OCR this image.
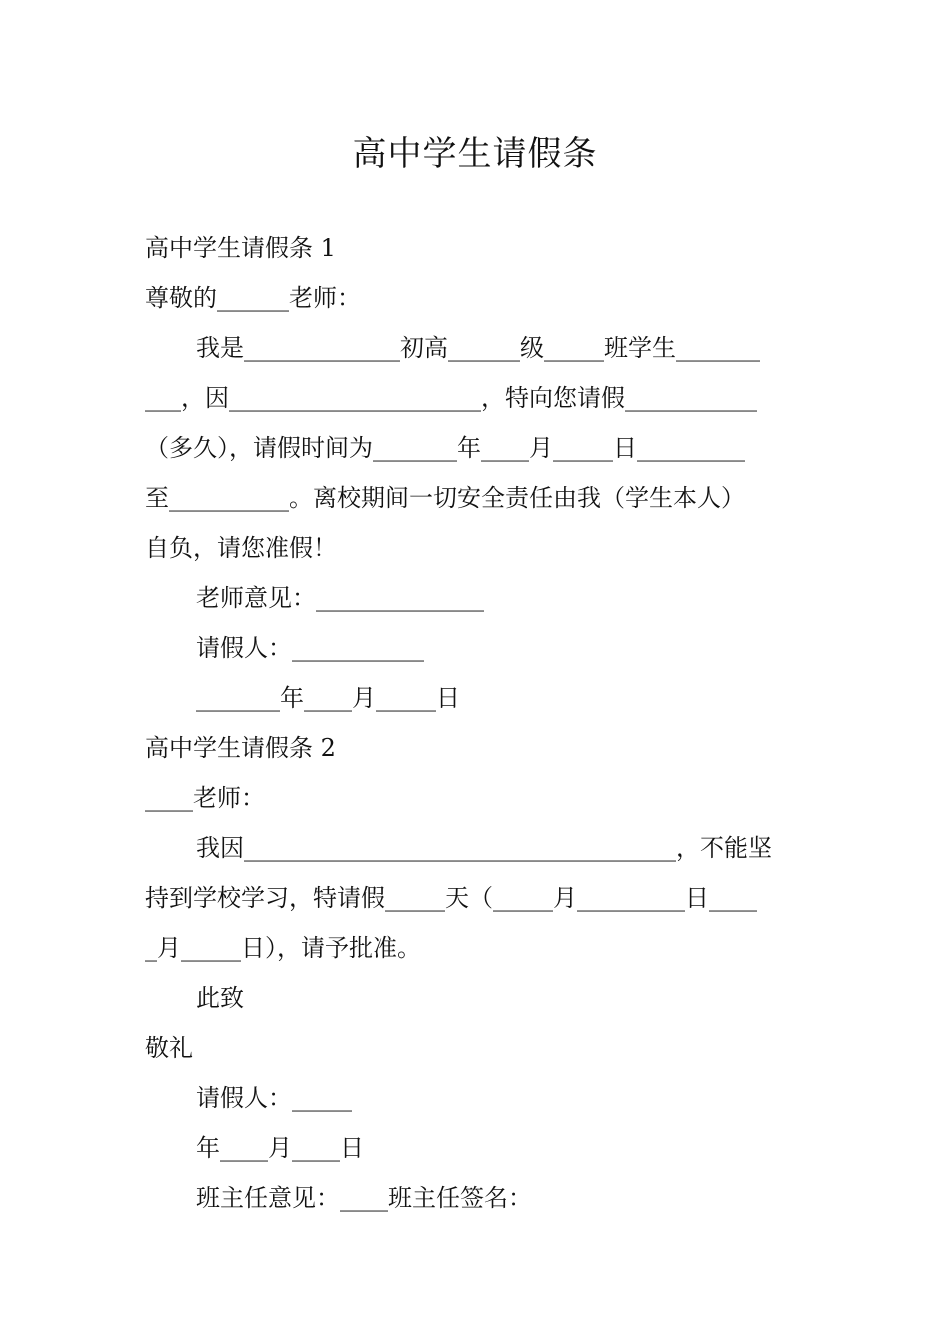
高中学生请假条

高中学生请假条 1

尊敬的______老师：

我是_____________初高______级_____班学生_______

___，因_____________________，特向您请假___________

（多久），请假时间为_______年____月_____日_________

至__________。离校期间一切安全责任由我（学生本人）

自负，请您准假！

老师意见：______________

请假人：___________

_______年____月_____日

高中学生请假条 2

____老师：

我因____________________________________，不能坚

持到学校学习，特请假_____天（_____月_________日____

_月_____日），请予批准。

此致

敬礼

请假人：_____

年____月____日

班主任意见：____班主任签名：
